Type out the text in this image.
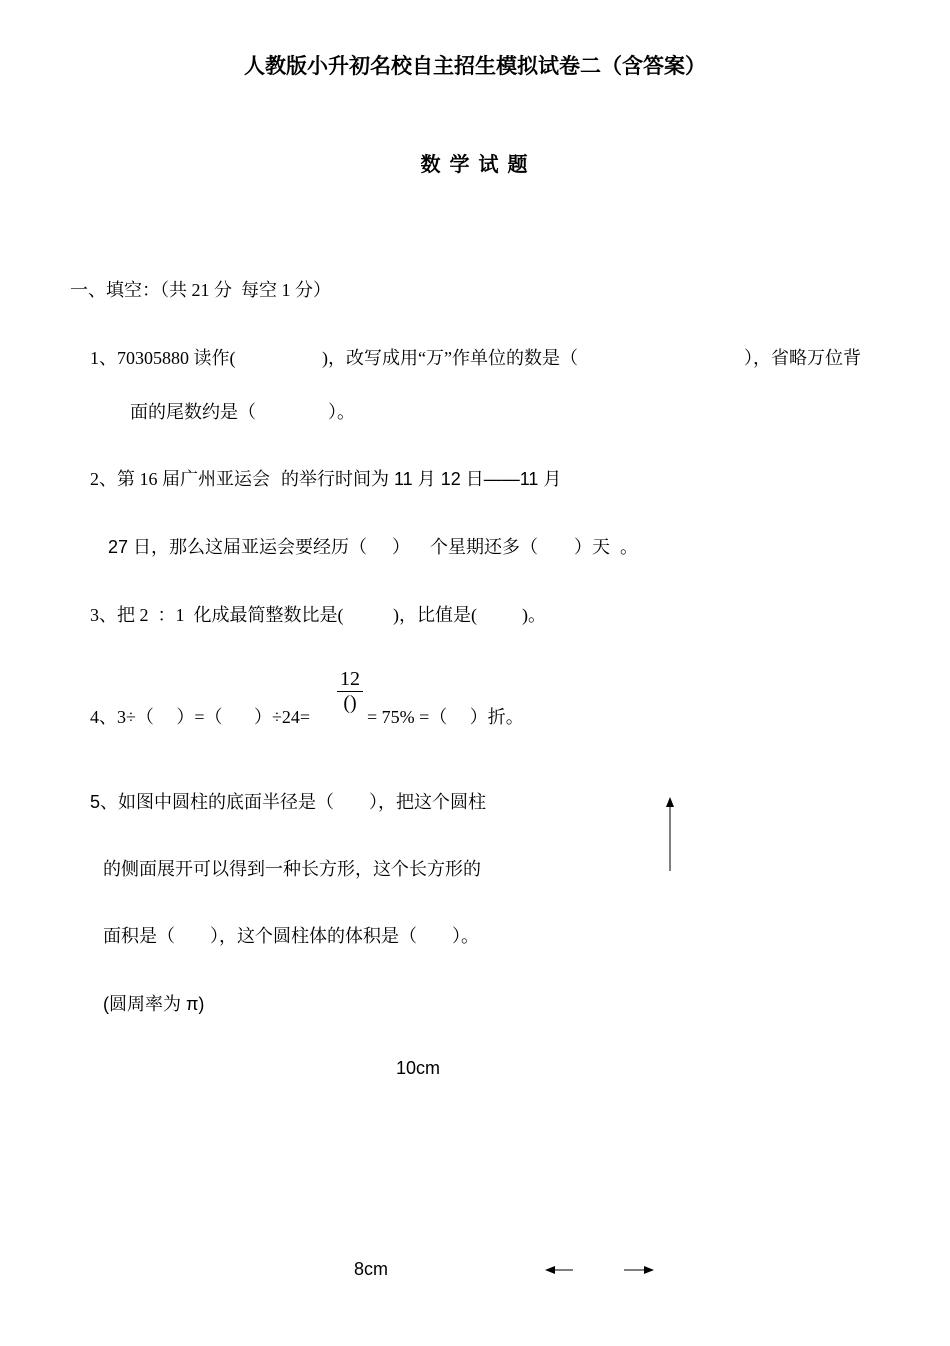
人教版小升初名校自主招生模拟试卷二（含答案）
数 学 试 题
一、填空：（共 21 分  每空 1 分）
1、70305880 读作(	)，改写成用“万”作单位的数是（	），省略万位背
面的尾数约是（                ）。
2、第 16 届广州亚运会 的举行时间为 11 月 12 日——11 月
27 日，那么这届亚运会要经历（     ） 个星期还多（        ）天 。
3、把 2  ：1  化成最简整数比是(           )，比值是(          )。
4、3÷（     ）=（       ）÷24=
12
()
= 75% =（     ）折。
5、如图中圆柱的底面半径是（       ），把这个圆柱
的侧面展开可以得到一种长方形，这个长方形的
面积是（       ），这个圆柱体的体积是（       ）。
(圆周率为 π)
10cm
8cm
